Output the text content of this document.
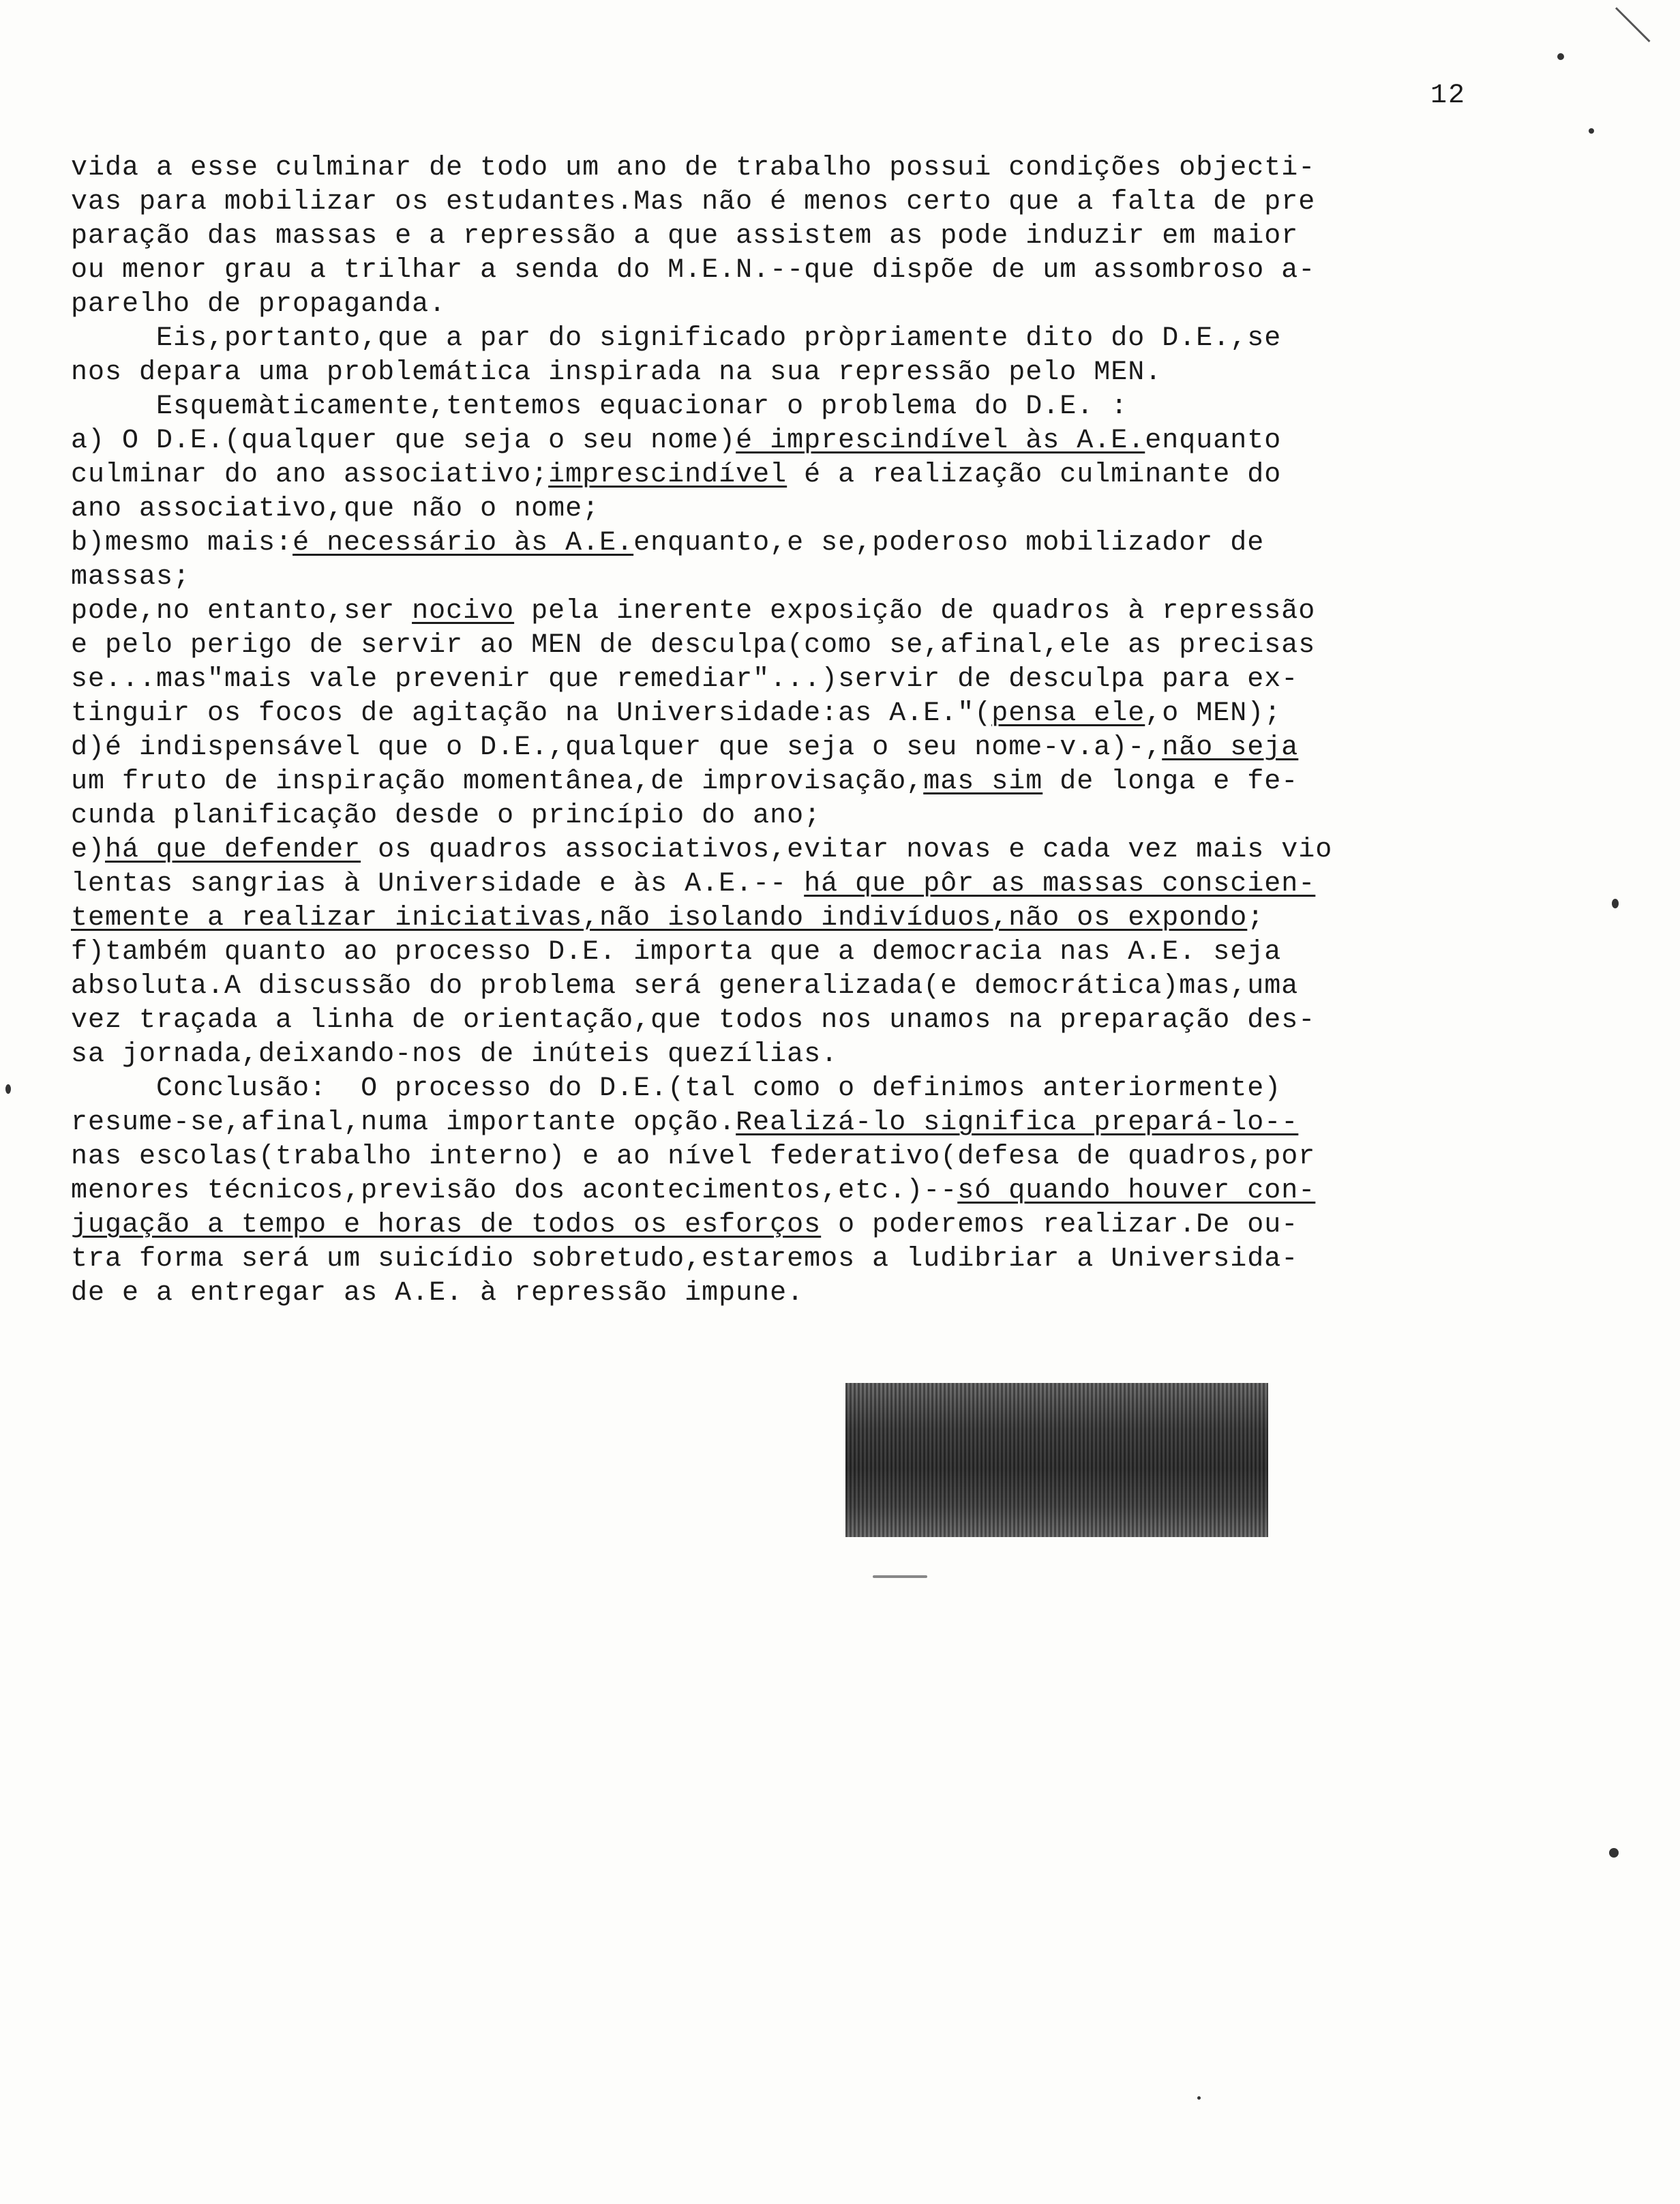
12
vida a esse culminar de todo um ano de trabalho possui condições objecti-
vas para mobilizar os estudantes.Mas não é menos certo que a falta de pre
paração das massas e a repressão a que assistem as pode induzir em maior
ou menor grau a trilhar a senda do M.E.N.--que dispõe de um assombroso a-
parelho de propaganda.
Eis,portanto,que a par do significado pròpriamente dito do D.E.,se
nos depara uma problemática inspirada na sua repressão pelo MEN.
Esquemàticamente,tentemos equacionar o problema do D.E. :
a) O D.E.(qualquer que seja o seu nome)é imprescindível às A.E.enquanto
culminar do ano associativo;imprescindível é a realização culminante do
ano associativo,que não o nome;
b)mesmo mais:é necessário às A.E.enquanto,e se,poderoso mobilizador de
massas;
pode,no entanto,ser nocivo pela inerente exposição de quadros à repressão
e pelo perigo de servir ao MEN de desculpa(como se,afinal,ele as precisas
se...mas"mais vale prevenir que remediar"...)servir de desculpa para ex-
tinguir os focos de agitação na Universidade:as A.E."(pensa ele,o MEN);
d)é indispensável que o D.E.,qualquer que seja o seu nome-v.a)-,não seja
um fruto de inspiração momentânea,de improvisação,mas sim de longa e fe-
cunda planificação desde o princípio do ano;
e)há que defender os quadros associativos,evitar novas e cada vez mais vio
lentas sangrias à Universidade e às A.E.-- há que pôr as massas conscien-
temente a realizar iniciativas,não isolando indivíduos,não os expondo;
f)também quanto ao processo D.E. importa que a democracia nas A.E. seja
absoluta.A discussão do problema será generalizada(e democrática)mas,uma
vez traçada a linha de orientação,que todos nos unamos na preparação des-
sa jornada,deixando-nos de inúteis quezílias.
Conclusão:  O processo do D.E.(tal como o definimos anteriormente)
resume-se,afinal,numa importante opção.Realizá-lo significa prepará-lo--
nas escolas(trabalho interno) e ao nível federativo(defesa de quadros,por
menores técnicos,previsão dos acontecimentos,etc.)--só quando houver con-
jugação a tempo e horas de todos os esforços o poderemos realizar.De ou-
tra forma será um suicídio sobretudo,estaremos a ludibriar a Universida-
de e a entregar as A.E. à repressão impune.
